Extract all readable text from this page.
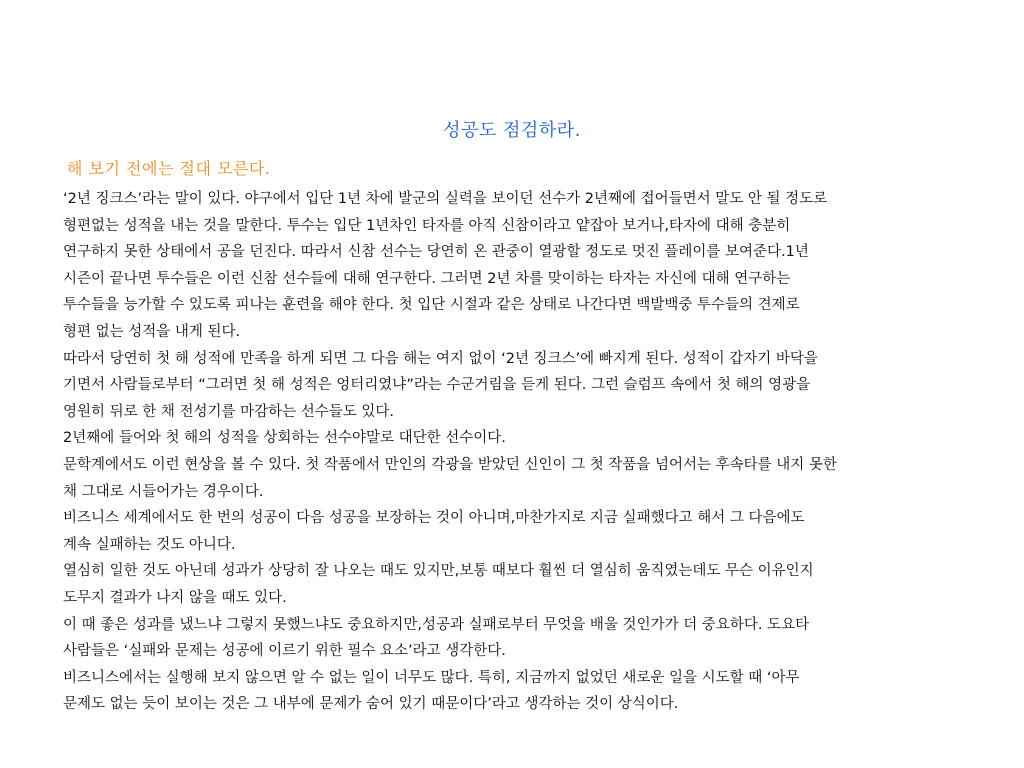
성공도 점검하라.
해 보기 전에는 절대 모른다.
‘2년 징크스’라는 말이 있다. 야구에서 입단 1년 차에 발군의 실력을 보이던 선수가 2년째에 접어들면서 말도 안 될 정도로
형편없는 성적을 내는 것을 말한다. 투수는 입단 1년차인 타자를 아직 신참이라고 얕잡아 보거나,타자에 대해 충분히
연구하지 못한 상태에서 공을 던진다. 따라서 신참 선수는 당연히 온 관중이 열광할 정도로 멋진 플레이를 보여준다.1년
시즌이 끝나면 투수들은 이런 신참 선수들에 대해 연구한다. 그러면 2년 차를 맞이하는 타자는 자신에 대해 연구하는
투수들을 능가할 수 있도록 피나는 훈련을 해야 한다. 첫 입단 시절과 같은 상태로 나간다면 백발백중 투수들의 견제로
형편 없는 성적을 내게 된다.
따라서 당연히 첫 해 성적에 만족을 하게 되면 그 다음 해는 여지 없이 ‘2년 징크스’에 빠지게 된다. 성적이 갑자기 바닥을
기면서 사람들로부터 “그러면 첫 해 성적은 엉터리였냐”라는 수군거림을 듣게 된다. 그런 슬럼프 속에서 첫 해의 영광을
영원히 뒤로 한 채 전성기를 마감하는 선수들도 있다.
2년째에 들어와 첫 해의 성적을 상회하는 선수야말로 대단한 선수이다.
문학계에서도 이런 현상을 볼 수 있다. 첫 작품에서 만인의 각광을 받았던 신인이 그 첫 작품을 넘어서는 후속타를 내지 못한
채 그대로 시들어가는 경우이다.
비즈니스 세계에서도 한 번의 성공이 다음 성공을 보장하는 것이 아니며,마찬가지로 지금 실패했다고 해서 그 다음에도
계속 실패하는 것도 아니다.
열심히 일한 것도 아닌데 성과가 상당히 잘 나오는 때도 있지만,보통 때보다 훨씬 더 열심히 움직였는데도 무슨 이유인지
도무지 결과가 나지 않을 때도 있다.
이 때 좋은 성과를 냈느냐 그렇지 못했느냐도 중요하지만,성공과 실패로부터 무엇을 배울 것인가가 더 중요하다. 도요타
사람들은 ‘실패와 문제는 성공에 이르기 위한 필수 요소’라고 생각한다.
비즈니스에서는 실행해 보지 않으면 알 수 없는 일이 너무도 많다. 특히, 지금까지 없었던 새로운 일을 시도할 때 ‘아무
문제도 없는 듯이 보이는 것은 그 내부에 문제가 숨어 있기 때문이다’라고 생각하는 것이 상식이다.
